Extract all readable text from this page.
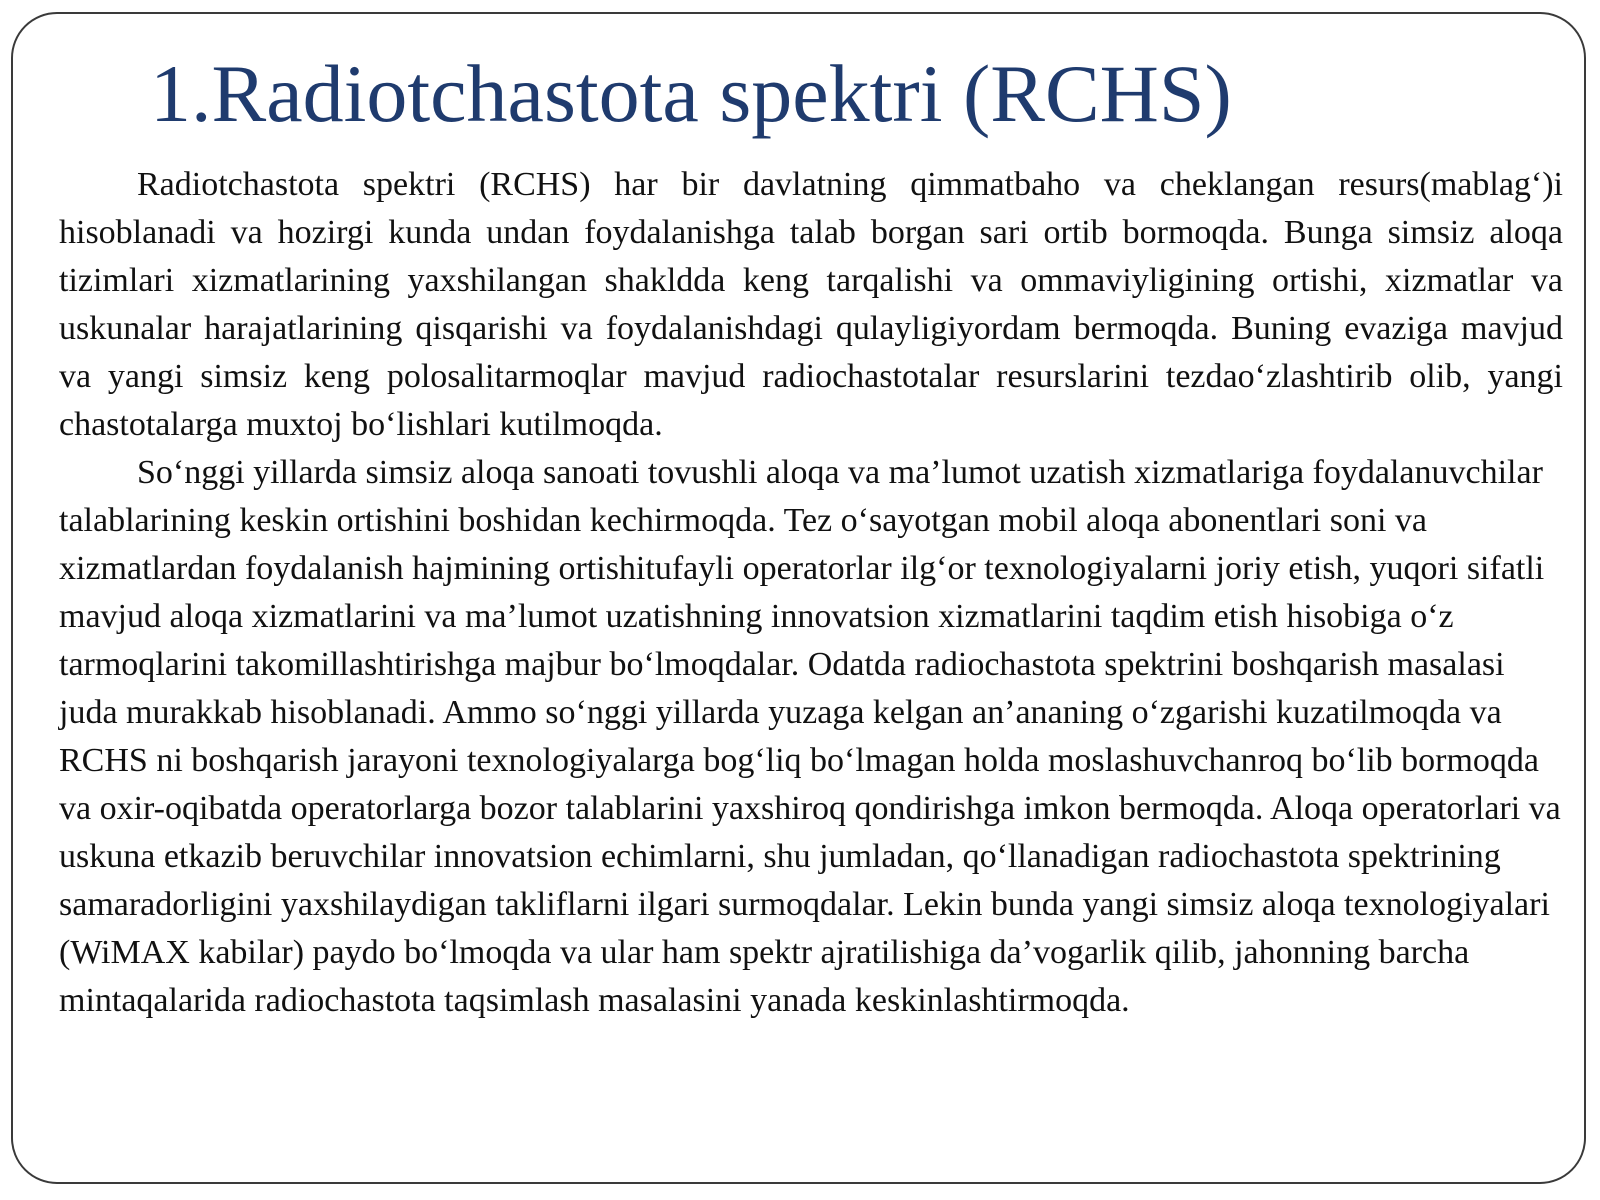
1.Radiotchastota spektri (RCHS)

Radiotchastota spektri (RCHS) har bir davlatning qimmatbaho va cheklangan resurs(mablag‘)i hisoblanadi va hozirgi kunda undan foydalanishga talab borgan sari ortib bormoqda. Bunga simsiz aloqa tizimlari xizmatlarining yaxshilangan shakldda keng tarqalishi va ommaviyligining ortishi, xizmatlar va uskunalar harajatlarining qisqarishi va foydalanishdagi qulayligiyordam bermoqda. Buning evaziga mavjud va yangi simsiz keng polosalitarmoqlar mavjud radiochastotalar resurslarini tezdao‘zlashtirib olib, yangi chastotalarga muxtoj bo‘lishlari kutilmoqda.

So‘nggi yillarda simsiz aloqa sanoati tovushli aloqa va ma’lumot uzatish xizmatlariga foydalanuvchilar talablarining keskin ortishini boshidan kechirmoqda. Tez o‘sayotgan mobil aloqa abonentlari soni va xizmatlardan foydalanish hajmining ortishitufayli operatorlar ilg‘or texnologiyalarni joriy etish, yuqori sifatli mavjud aloqa xizmatlarini va ma’lumot uzatishning innovatsion xizmatlarini taqdim etish hisobiga o‘z tarmoqlarini takomillashtirishga majbur bo‘lmoqdalar. Odatda radiochastota spektrini boshqarish masalasi juda murakkab hisoblanadi. Ammo so‘nggi yillarda yuzaga kelgan an’ananing o‘zgarishi kuzatilmoqda va RCHS ni boshqarish jarayoni texnologiyalarga bog‘liq bo‘lmagan holda moslashuvchanroq bo‘lib bormoqda va oxir-oqibatda operatorlarga bozor talablarini yaxshiroq qondirishga imkon bermoqda. Aloqa operatorlari va uskuna etkazib beruvchilar innovatsion echimlarni, shu jumladan, qo‘llanadigan radiochastota spektrining samaradorligini yaxshilaydigan takliflarni ilgari surmoqdalar. Lekin bunda yangi simsiz aloqa texnologiyalari (WiMAX kabilar) paydo bo‘lmoqda va ular ham spektr ajratilishiga da’vogarlik qilib, jahonning barcha mintaqalarida radiochastota taqsimlash masalasini yanada keskinlashtirmoqda.
